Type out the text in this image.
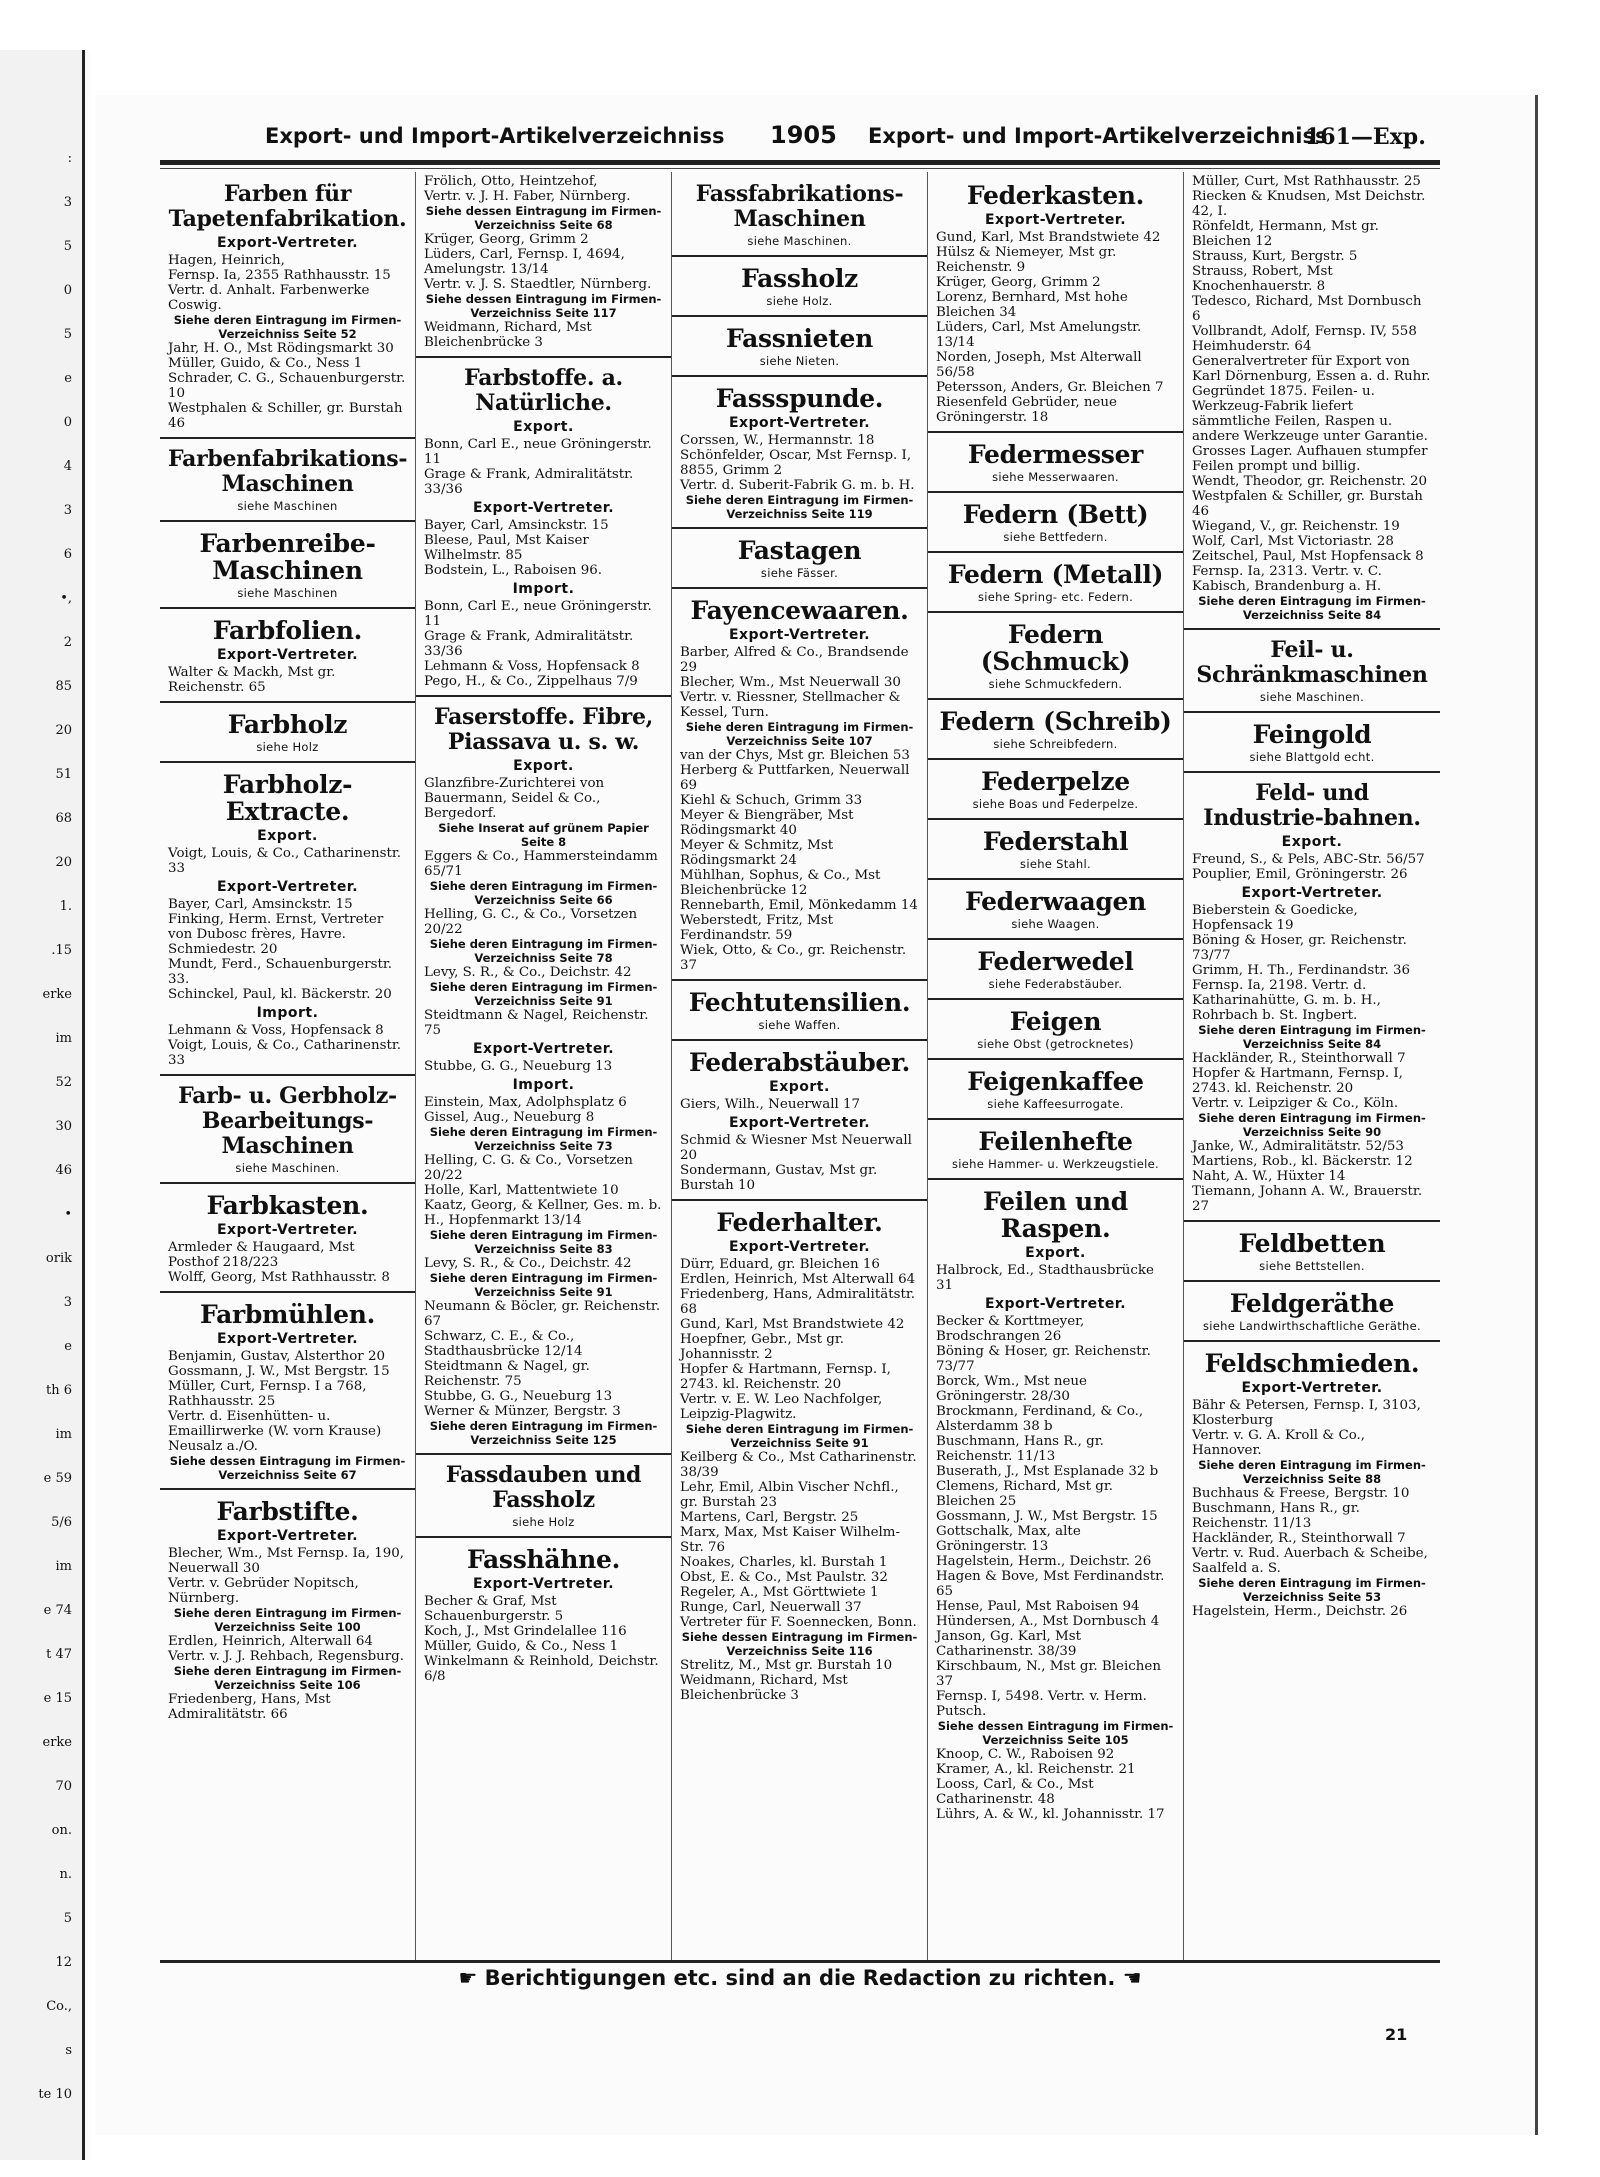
:
3
5
0
5
e
0
4
3
6
•,
2
85
20
51
68
20
1.
.15
erke
im
52
30
46
•
orik
3
e
th 6
im
e 59
5/6
im
e 74
t 47
e 15
erke
70
on.
n.
5
12
Co.,
s
te 10
Export- und Import-Artikelverzeichniss 1905 Export- und Import-Artikelverzeichniss
161—Exp.
Farben für Tapetenfabrikation.
Export-Vertreter.
Hagen, Heinrich,
Fernsp. Ia, 2355 Rathhausstr. 15
Vertr. d. Anhalt. Farbenwerke Coswig.
Siehe deren Eintragung im Firmen-Verzeichniss Seite 52
Jahr, H. O., Mst Rödingsmarkt 30
Müller, Guido, & Co., Ness 1
Schrader, C. G., Schauenburgerstr. 10
Westphalen & Schiller, gr. Burstah 46
Farbenfabrikations-Maschinen
siehe Maschinen
Farbenreibe-Maschinen
siehe Maschinen
Farbfolien.
Export-Vertreter.
Walter & Mackh, Mst gr. Reichenstr. 65
Farbholz
siehe Holz
Farbholz-Extracte.
Export.
Voigt, Louis, & Co., Catharinenstr. 33
Export-Vertreter.
Bayer, Carl, Amsinckstr. 15
Finking, Herm. Ernst, Vertreter von Dubosc frères, Havre. Schmiedestr. 20
Mundt, Ferd., Schauenburgerstr. 33.
Schinckel, Paul, kl. Bäckerstr. 20
Import.
Lehmann & Voss, Hopfensack 8
Voigt, Louis, & Co., Catharinenstr. 33
Farb- u. Gerbholz-Bearbeitungs-Maschinen
siehe Maschinen.
Farbkasten.
Export-Vertreter.
Armleder & Haugaard, Mst Posthof 218/223
Wolff, Georg, Mst Rathhausstr. 8
Farbmühlen.
Export-Vertreter.
Benjamin, Gustav, Alsterthor 20
Gossmann, J. W., Mst Bergstr. 15
Müller, Curt, Fernsp. I a 768, Rathhausstr. 25
Vertr. d. Eisenhütten- u. Emaillirwerke (W. vorn Krause) Neusalz a./O.
Siehe dessen Eintragung im Firmen-Verzeichniss Seite 67
Farbstifte.
Export-Vertreter.
Blecher, Wm., Mst Fernsp. Ia, 190, Neuerwall 30
Vertr. v. Gebrüder Nopitsch, Nürnberg.
Siehe deren Eintragung im Firmen-Verzeichniss Seite 100
Erdlen, Heinrich, Alterwall 64
Vertr. v. J. J. Rehbach, Regensburg.
Siehe deren Eintragung im Firmen-Verzeichniss Seite 106
Friedenberg, Hans, Mst Admiralitätstr. 66
Frölich, Otto, Heintzehof,
Vertr. v. J. H. Faber, Nürnberg.
Siehe dessen Eintragung im Firmen-Verzeichniss Seite 68
Krüger, Georg, Grimm 2
Lüders, Carl, Fernsp. I, 4694, Amelungstr. 13/14
Vertr. v. J. S. Staedtler, Nürnberg.
Siehe dessen Eintragung im Firmen-Verzeichniss Seite 117
Weidmann, Richard, Mst Bleichenbrücke 3
Farbstoffe. a. Natürliche.
Export.
Bonn, Carl E., neue Gröningerstr. 11
Grage & Frank, Admiralitätstr. 33/36
Export-Vertreter.
Bayer, Carl, Amsinckstr. 15
Bleese, Paul, Mst Kaiser Wilhelmstr. 85
Bodstein, L., Raboisen 96.
Import.
Bonn, Carl E., neue Gröningerstr. 11
Grage & Frank, Admiralitätstr. 33/36
Lehmann & Voss, Hopfensack 8
Pego, H., & Co., Zippelhaus 7/9
Faserstoffe. Fibre, Piassava u. s. w.
Export.
Glanzfibre-Zurichterei von Bauermann, Seidel & Co., Bergedorf.
Siehe Inserat auf grünem Papier Seite 8
Eggers & Co., Hammersteindamm 65/71
Siehe deren Eintragung im Firmen-Verzeichniss Seite 66
Helling, G. C., & Co., Vorsetzen 20/22
Siehe deren Eintragung im Firmen-Verzeichniss Seite 78
Levy, S. R., & Co., Deichstr. 42
Siehe deren Eintragung im Firmen-Verzeichniss Seite 91
Steidtmann & Nagel, Reichenstr. 75
Export-Vertreter.
Stubbe, G. G., Neueburg 13
Import.
Einstein, Max, Adolphsplatz 6
Gissel, Aug., Neueburg 8
Siehe deren Eintragung im Firmen-Verzeichniss Seite 73
Helling, C. G. & Co., Vorsetzen 20/22
Holle, Karl, Mattentwiete 10
Kaatz, Georg, & Kellner, Ges. m. b. H., Hopfenmarkt 13/14
Siehe deren Eintragung im Firmen-Verzeichniss Seite 83
Levy, S. R., & Co., Deichstr. 42
Siehe deren Eintragung im Firmen-Verzeichniss Seite 91
Neumann & Böcler, gr. Reichenstr. 67
Schwarz, C. E., & Co., Stadthausbrücke 12/14
Steidtmann & Nagel, gr. Reichenstr. 75
Stubbe, G. G., Neueburg 13
Werner & Münzer, Bergstr. 3
Siehe deren Eintragung im Firmen-Verzeichniss Seite 125
Fassdauben und Fassholz
siehe Holz
Fasshähne.
Export-Vertreter.
Becher & Graf, Mst Schauenburgerstr. 5
Koch, J., Mst Grindelallee 116
Müller, Guido, & Co., Ness 1
Winkelmann & Reinhold, Deichstr. 6/8
Fassfabrikations-Maschinen
siehe Maschinen.
Fassholz
siehe Holz.
Fassnieten
siehe Nieten.
Fassspunde.
Export-Vertreter.
Corssen, W., Hermannstr. 18
Schönfelder, Oscar, Mst Fernsp. I, 8855, Grimm 2
Vertr. d. Suberit-Fabrik G. m. b. H.
Siehe deren Eintragung im Firmen-Verzeichniss Seite 119
Fastagen
siehe Fässer.
Fayencewaaren.
Export-Vertreter.
Barber, Alfred & Co., Brandsende 29
Blecher, Wm., Mst Neuerwall 30
Vertr. v. Riessner, Stellmacher & Kessel, Turn.
Siehe deren Eintragung im Firmen-Verzeichniss Seite 107
van der Chys, Mst gr. Bleichen 53
Herberg & Puttfarken, Neuerwall 69
Kiehl & Schuch, Grimm 33
Meyer & Biengräber, Mst Rödingsmarkt 40
Meyer & Schmitz, Mst Rödingsmarkt 24
Mühlhan, Sophus, & Co., Mst Bleichenbrücke 12
Rennebarth, Emil, Mönkedamm 14
Weberstedt, Fritz, Mst Ferdinandstr. 59
Wiek, Otto, & Co., gr. Reichenstr. 37
Fechtutensilien.
siehe Waffen.
Federabstäuber.
Export.
Giers, Wilh., Neuerwall 17
Export-Vertreter.
Schmid & Wiesner Mst Neuerwall 20
Sondermann, Gustav, Mst gr. Burstah 10
Federhalter.
Export-Vertreter.
Dürr, Eduard, gr. Bleichen 16
Erdlen, Heinrich, Mst Alterwall 64
Friedenberg, Hans, Admiralitätstr. 68
Gund, Karl, Mst Brandstwiete 42
Hoepfner, Gebr., Mst gr. Johannisstr. 2
Hopfer & Hartmann, Fernsp. I, 2743. kl. Reichenstr. 20
Vertr. v. E. W. Leo Nachfolger, Leipzig-Plagwitz.
Siehe deren Eintragung im Firmen-Verzeichniss Seite 91
Keilberg & Co., Mst Catharinenstr. 38/39
Lehr, Emil, Albin Vischer Nchfl., gr. Burstah 23
Martens, Carl, Bergstr. 25
Marx, Max, Mst Kaiser Wilhelm-Str. 76
Noakes, Charles, kl. Burstah 1
Obst, E. & Co., Mst Paulstr. 32
Regeler, A., Mst Görttwiete 1
Runge, Carl, Neuerwall 37
Vertreter für F. Soennecken, Bonn.
Siehe dessen Eintragung im Firmen-Verzeichniss Seite 116
Strelitz, M., Mst gr. Burstah 10
Weidmann, Richard, Mst Bleichenbrücke 3
Federkasten.
Export-Vertreter.
Gund, Karl, Mst Brandstwiete 42
Hülsz & Niemeyer, Mst gr. Reichenstr. 9
Krüger, Georg, Grimm 2
Lorenz, Bernhard, Mst hohe Bleichen 34
Lüders, Carl, Mst Amelungstr. 13/14
Norden, Joseph, Mst Alterwall 56/58
Petersson, Anders, Gr. Bleichen 7
Riesenfeld Gebrüder, neue Gröningerstr. 18
Federmesser
siehe Messerwaaren.
Federn (Bett)
siehe Bettfedern.
Federn (Metall)
siehe Spring- etc. Federn.
Federn (Schmuck)
siehe Schmuckfedern.
Federn (Schreib)
siehe Schreibfedern.
Federpelze
siehe Boas und Federpelze.
Federstahl
siehe Stahl.
Federwaagen
siehe Waagen.
Federwedel
siehe Federabstäuber.
Feigen
siehe Obst (getrocknetes)
Feigenkaffee
siehe Kaffeesurrogate.
Feilenhefte
siehe Hammer- u. Werkzeugstiele.
Feilen und Raspen.
Export.
Halbrock, Ed., Stadthausbrücke 31
Export-Vertreter.
Becker & Korttmeyer, Brodschrangen 26
Böning & Hoser, gr. Reichenstr. 73/77
Borck, Wm., Mst neue Gröningerstr. 28/30
Brockmann, Ferdinand, & Co., Alsterdamm 38 b
Buschmann, Hans R., gr. Reichenstr. 11/13
Buserath, J., Mst Esplanade 32 b
Clemens, Richard, Mst gr. Bleichen 25
Gossmann, J. W., Mst Bergstr. 15
Gottschalk, Max, alte Gröningerstr. 13
Hagelstein, Herm., Deichstr. 26
Hagen & Bove, Mst Ferdinandstr. 65
Hense, Paul, Mst Raboisen 94
Hündersen, A., Mst Dornbusch 4
Janson, Gg. Karl, Mst Catharinenstr. 38/39
Kirschbaum, N., Mst gr. Bleichen 37
Fernsp. I, 5498. Vertr. v. Herm. Putsch.
Siehe dessen Eintragung im Firmen-Verzeichniss Seite 105
Knoop, C. W., Raboisen 92
Kramer, A., kl. Reichenstr. 21
Looss, Carl, & Co., Mst Catharinenstr. 48
Lührs, A. & W., kl. Johannisstr. 17
Müller, Curt, Mst Rathhausstr. 25
Riecken & Knudsen, Mst Deichstr. 42, I.
Rönfeldt, Hermann, Mst gr. Bleichen 12
Strauss, Kurt, Bergstr. 5
Strauss, Robert, Mst Knochenhauerstr. 8
Tedesco, Richard, Mst Dornbusch 6
Vollbrandt, Adolf, Fernsp. IV, 558 Heimhuderstr. 64
Generalvertreter für Export von Karl Dörnenburg, Essen a. d. Ruhr. Gegründet 1875. Feilen- u. Werkzeug-Fabrik liefert sämmtliche Feilen, Raspen u. andere Werkzeuge unter Garantie. Grosses Lager. Aufhauen stumpfer Feilen prompt und billig.
Wendt, Theodor, gr. Reichenstr. 20
Westpfalen & Schiller, gr. Burstah 46
Wiegand, V., gr. Reichenstr. 19
Wolf, Carl, Mst Victoriastr. 28
Zeitschel, Paul, Mst Hopfensack 8
Fernsp. Ia, 2313. Vertr. v. C. Kabisch, Brandenburg a. H.
Siehe deren Eintragung im Firmen-Verzeichniss Seite 84
Feil- u. Schränkmaschinen
siehe Maschinen.
Feingold
siehe Blattgold echt.
Feld- und Industrie-bahnen.
Export.
Freund, S., & Pels, ABC-Str. 56/57
Pouplier, Emil, Gröningerstr. 26
Export-Vertreter.
Bieberstein & Goedicke, Hopfensack 19
Böning & Hoser, gr. Reichenstr. 73/77
Grimm, H. Th., Ferdinandstr. 36
Fernsp. Ia, 2198. Vertr. d. Katharinahütte, G. m. b. H., Rohrbach b. St. Ingbert.
Siehe deren Eintragung im Firmen-Verzeichniss Seite 84
Hackländer, R., Steinthorwall 7
Hopfer & Hartmann, Fernsp. I, 2743. kl. Reichenstr. 20
Vertr. v. Leipziger & Co., Köln.
Siehe deren Eintragung im Firmen-Verzeichniss Seite 90
Janke, W., Admiralitätstr. 52/53
Martiens, Rob., kl. Bäckerstr. 12
Naht, A. W., Hüxter 14
Tiemann, Johann A. W., Brauerstr. 27
Feldbetten
siehe Bettstellen.
Feldgeräthe
siehe Landwirthschaftliche Geräthe.
Feldschmieden.
Export-Vertreter.
Bähr & Petersen, Fernsp. I, 3103, Klosterburg
Vertr. v. G. A. Kroll & Co., Hannover.
Siehe deren Eintragung im Firmen-Verzeichniss Seite 88
Buchhaus & Freese, Bergstr. 10
Buschmann, Hans R., gr. Reichenstr. 11/13
Hackländer, R., Steinthorwall 7
Vertr. v. Rud. Auerbach & Scheibe, Saalfeld a. S.
Siehe deren Eintragung im Firmen-Verzeichniss Seite 53
Hagelstein, Herm., Deichstr. 26
☛ Berichtigungen etc. sind an die Redaction zu richten. ☚
21
